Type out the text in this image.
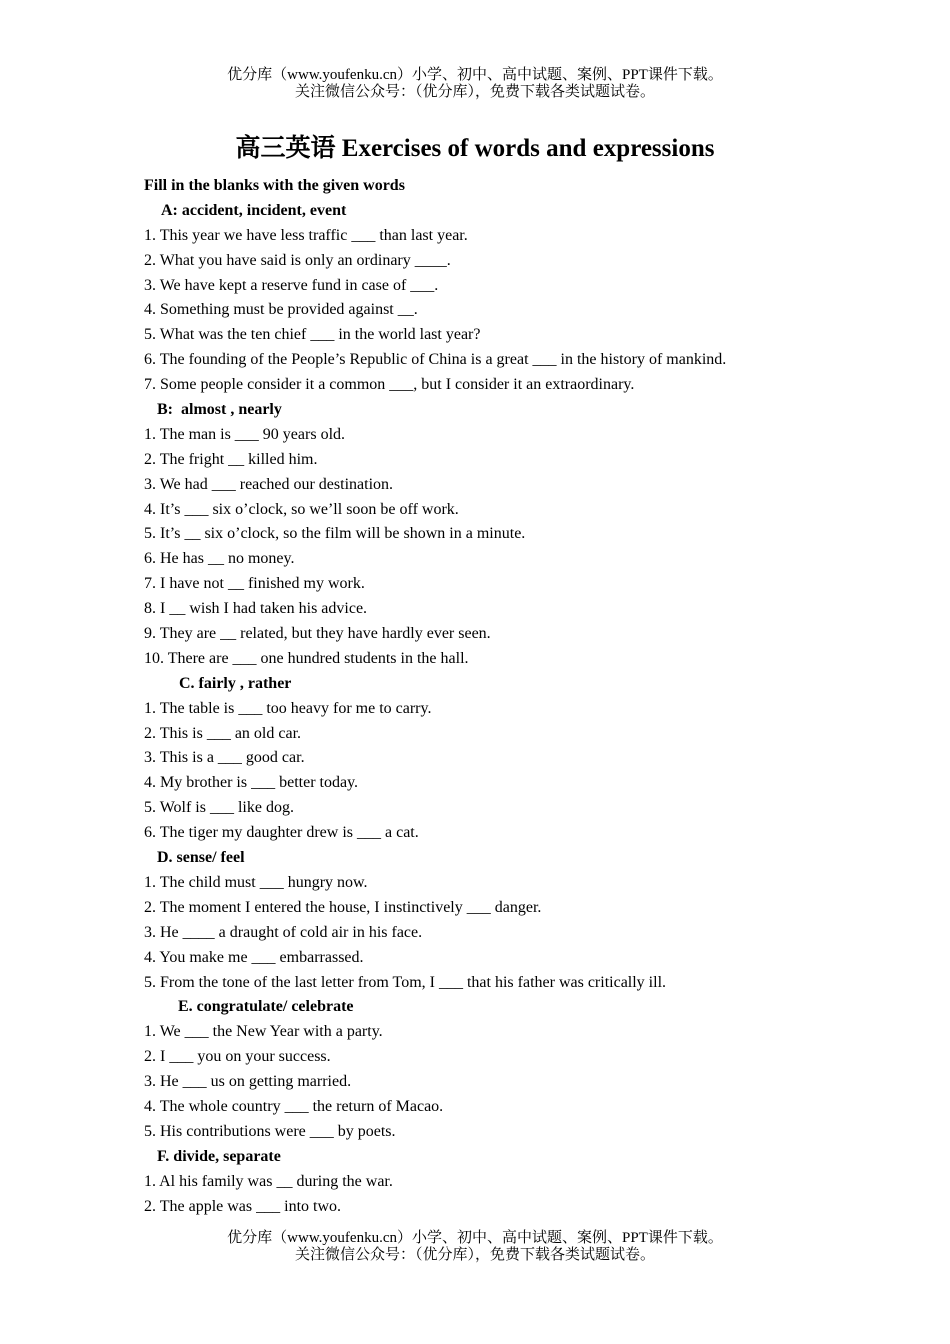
优分库（www.youfenku.cn）小学、初中、高中试题、案例、PPT课件下载。
关注微信公众号：（优分库），免费下载各类试题试卷。
高三英语 Exercises of words and expressions
Fill in the blanks with the given words
A: accident, incident, event
1. This year we have less traffic ___ than last year.
2. What you have said is only an ordinary ____.
3. We have kept a reserve fund in case of ___.
4. Something must be provided against __.
5. What was the ten chief ___ in the world last year?
6. The founding of the People’s Republic of China is a great ___ in the history of mankind.
7. Some people consider it a common ___, but I consider it an extraordinary.
B:  almost , nearly
1. The man is ___ 90 years old.
2. The fright __ killed him.
3. We had ___ reached our destination.
4. It’s ___ six o’clock, so we’ll soon be off work.
5. It’s __ six o’clock, so the film will be shown in a minute.
6. He has __ no money.
7. I have not __ finished my work.
8. I __ wish I had taken his advice.
9. They are __ related, but they have hardly ever seen.
10. There are ___ one hundred students in the hall.
C. fairly , rather
1. The table is ___ too heavy for me to carry.
2. This is ___ an old car.
3. This is a ___ good car.
4. My brother is ___ better today.
5. Wolf is ___ like dog.
6. The tiger my daughter drew is ___ a cat.
D. sense/ feel
1. The child must ___ hungry now.
2. The moment I entered the house, I instinctively ___ danger.
3. He ____ a draught of cold air in his face.
4. You make me ___ embarrassed.
5. From the tone of the last letter from Tom, I ___ that his father was critically ill.
E. congratulate/ celebrate
1. We ___ the New Year with a party.
2. I ___ you on your success.
3. He ___ us on getting married.
4. The whole country ___ the return of Macao.
5. His contributions were ___ by poets.
F. divide, separate
1. Al his family was __ during the war.
2. The apple was ___ into two.
优分库（www.youfenku.cn）小学、初中、高中试题、案例、PPT课件下载。
关注微信公众号：（优分库），免费下载各类试题试卷。
